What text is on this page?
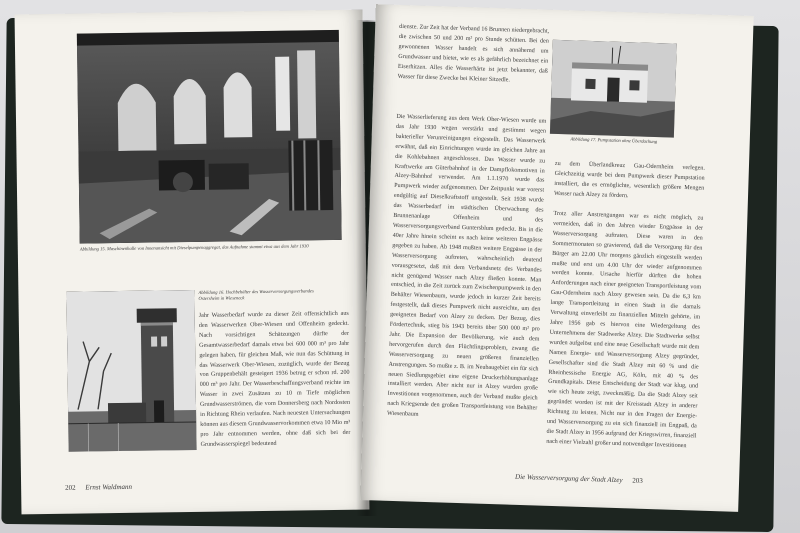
Abbildung 15. Maschinenhalle von Innenansicht mit Dieselpumpenaggregat, das Aufnahme stammt etwa aus dem Jahr 1930
Abbildung 16. Hochbehälter des Wasserversorgungsverbandes Ostersheim in Wieseneck

Jahr Wasserbedarf wurde zu dieser Zeit offensichtlich aus den Wasserwerken Ober-Wiesen und Offenheim gedeckt. Nach vorsichtigen Schätzungen dürfte der Gesamtwasserbedarf damals etwa bei 600 000 m³ pro Jahr gelegen haben, für gleichen Maß, wie nun das Schüttung in das Wasserwerk Ober-Wiesen, zuzüglich, wurde der Bezug von Gruppenbehält gesteigert 1936 betrug er schon rd. 200 000 m³ pro Jahr. Der Wasserbeschaffungsverband reichte im Wasser in zwei Zusätzen zu 10 m Tiefe möglichen Grundwasserströmen, die vorn Donnersberg nach Nordosten in Richtung Rhein verlaufen. Nach neuesten Untersuchungen können aus diesem Grundwasservorkommen etwa 10 Mio m³ pro Jahr entnommen werden, ohne daß sich bei der Grundwasserspiegel bedeutend

202 Ernst Waldmann

dienste. Zur Zeit hat der Verband 16 Brunnen niedergebracht, die zwischen 50 und 200 m³ pro Stunde schütten. Bei den gewonnenen Wasser handelt es sich annähernd um Grundwasser und bietet, wie es als gefährlich bezeichnet ein Eiserhitzen. Alles die Wasserhärte ist jetzt bekannter, daß Wasser für diese Zwecke bei Kleiner Sitzedle.

Abbildung 17. Pumpstation ohne Überdachung

Die Wasserlieferung aus dem Werk Ober-Wiesen wurde um das Jahr 1930 wegen verstärkt und gestimmt wegen bakterieller Verunreinigungen eingestellt. Das Wasserwerk erwähnt, daß ein Einrichtungen wurde im gleichen Jahre an die Kohlebahnen angeschlossen. Das Wasser wurde zu Kraftwerke am Güterbahnhof in der Dampflokomotiven in Alzey-Bahnhof verwendet. Am 1.1.1970 wurde das Pumpwerk wieder aufgenommen. Der Zeitpunkt war vorerst endgültig auf Dieselkraftstoff umgestellt. Seit 1938 wurde das Wasserbedarf im städtischen Überwachung des Brunnenanlage Offenheim und des Wasserversorgungsverband Guntersblum gedeckt. Bis in die 40er Jahre hinein scheint es nach keine weiteren Engpässe gegeben zu haben. Ab 1948 mußten weitere Engpässe in der Wasserversorgung auftreten, wahrscheinlich deutend vorausgesetzt, daß mit dem Verbandsnetz des Verbandes nicht genügend Wasser nach Alzey fließen konnte. Man entschied, in die Zeit zurück zum Zwischenpumpwerk in den Behälter Wiesenbaum, wurde jedoch in kurzer Zeit bereits festgestellt, daß dieses Pumpwerk nicht ausreichte, um den geeigneten Bedarf von Alzey zu decken. Der Bezug, dies Fördertechnik, stieg bis 1943 bereits über 500 000 m³ pro Jahr. Die Expansion der Bevölkerung, wie auch dem hervorgerufen durch den Flüchtlingsproblem, zwang die Wasserversorgung zu neuen größeren finanziellen Anstrengungen. So mußte z. B. im Neubaugebiet ein für sich neuen Siedlungsgebiet eine eigene Druckerhöhungsanlage installiert werden. Aber nicht nur in Alzey wurden große Investitionen vorgenommen, auch der Verband mußte gleich nach Kriegsende den großen Transportleistung von Behälter Wiesenbaum

zu dem Überlandkreuz Gau-Odernheim verlegen. Gleichzeitig wurde bei dem Pumpwerk dieser Pumpstation installiert, die es ermöglichte, wesentlich größere Mengen Wasser nach Alzey zu fördern.

Trotz aller Anstrengungen war es nicht möglich, zu vermeiden, daß in den Jahren wieder Engpässe in der Wasserversorgung auftraten. Diese waren in den Sommermonaten so gravierend, daß die Versorgung für den Bürger am 22.00 Uhr morgens gänzlich eingestellt werden mußte und erst um 4.00 Uhr der wieder aufgenommen werden konnte. Ursache hierfür dürften die hohen Anforderungen nach einer geeigneten Transportleistung vom Gau-Odernheim nach Alzey gewesen sein. Da die 6,3 km lange Transportleitung in einen Stadt in die damals Verwaltung einverleibt zu finanziellen Mitteln gehörte, im Jahre 1956 gab es hiervon eine Wiedergeltung des Unternehmens der Stadtwerke Alzey. Die Stadtwerke selbst wurden aufgelöst und eine neue Gesellschaft wurde mit dem Namen Energie- und Wasserversorgung Alzey gegründet, Gesellschafter sind die Stadt Alzey mit 60 % und die Rheinhessische Energie AG, Köln, mit 40 % des Grundkapitals. Diese Entscheidung der Stadt war klug, und wie sich heute zeigt, zweckmäßig. Da die Stadt Alzey seit gegründet worden ist mit der Kreisstadt Alzey in anderer Richtung zu leisten. Nicht nur in den Fragen der Energie- und Wasserversorgung zu ein sich finanziell im Engpaß, da die Stadt Alzey in 1956 aufgrund der Kriegswirren, finanziell nach einer Vielzahl großer und notwendiger Investitionen

Die Wasserversorgung der Stadt Alzey 203
